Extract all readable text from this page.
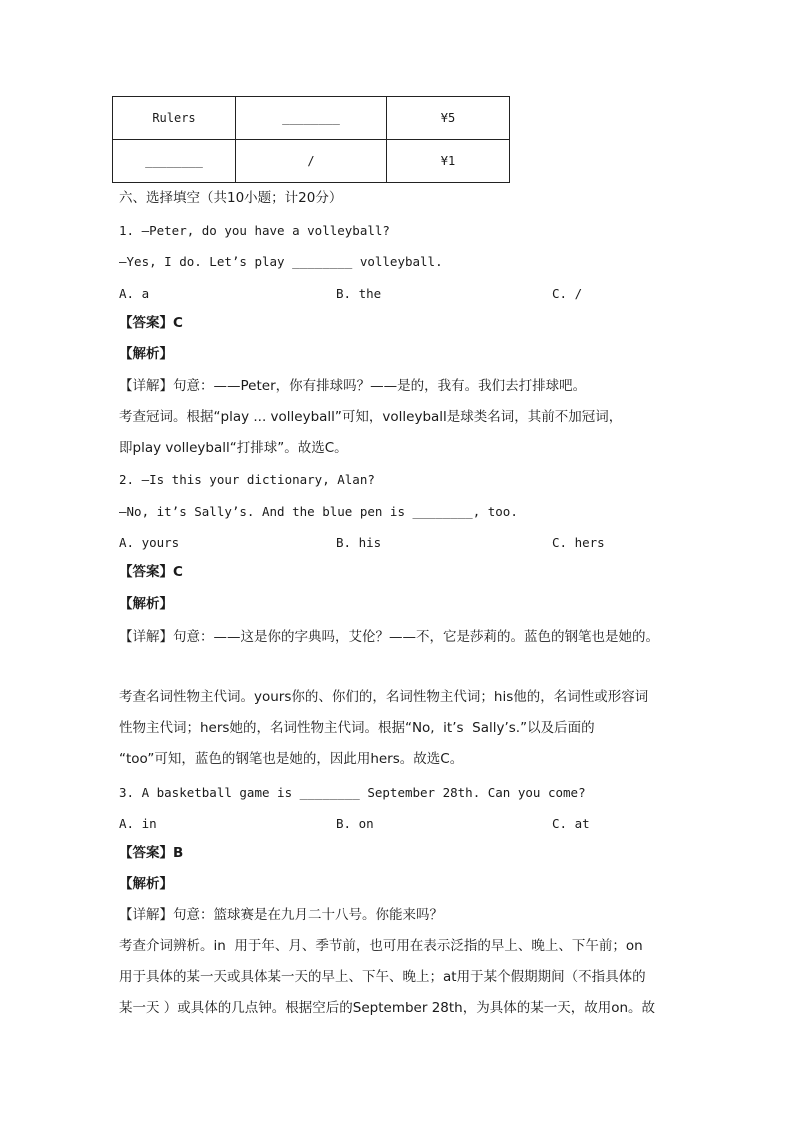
Rulers	________	¥5
________	/	¥1
六、选择填空（共10小题；计20分）
1. —Peter, do you have a volleyball?
—Yes, I do. Let’s play ________ volleyball.
A. a	B. the	C. /
【答案】C
【解析】
【详解】句意：——Peter，你有排球吗？——是的，我有。我们去打排球吧。
考查冠词。根据“play ... volleyball”可知，volleyball是球类名词，其前不加冠词，
即play volleyball“打排球”。故选C。
2. —Is this your dictionary, Alan?
—No, it’s Sally’s. And the blue pen is ________, too.
A. yours	B. his	C. hers
【答案】C
【解析】
【详解】句意：——这是你的字典吗，艾伦？——不，它是莎莉的。蓝色的钢笔也是她的。
考查名词性物主代词。yours你的、你们的，名词性物主代词；his他的，名词性或形容词
性物主代词；hers她的，名词性物主代词。根据“No,  it’s  Sally’s.”以及后面的
“too”可知，蓝色的钢笔也是她的，因此用hers。故选C。
3. A basketball game is ________ September 28th. Can you come?
A. in	B. on	C. at
【答案】B
【解析】
【详解】句意：篮球赛是在九月二十八号。你能来吗？
考查介词辨析。in  用于年、月、季节前，也可用在表示泛指的早上、晚上、下午前；on
用于具体的某一天或具体某一天的早上、下午、晚上；at用于某个假期期间（不指具体的
某一天 ）或具体的几点钟。根据空后的September 28th，为具体的某一天，故用on。故
